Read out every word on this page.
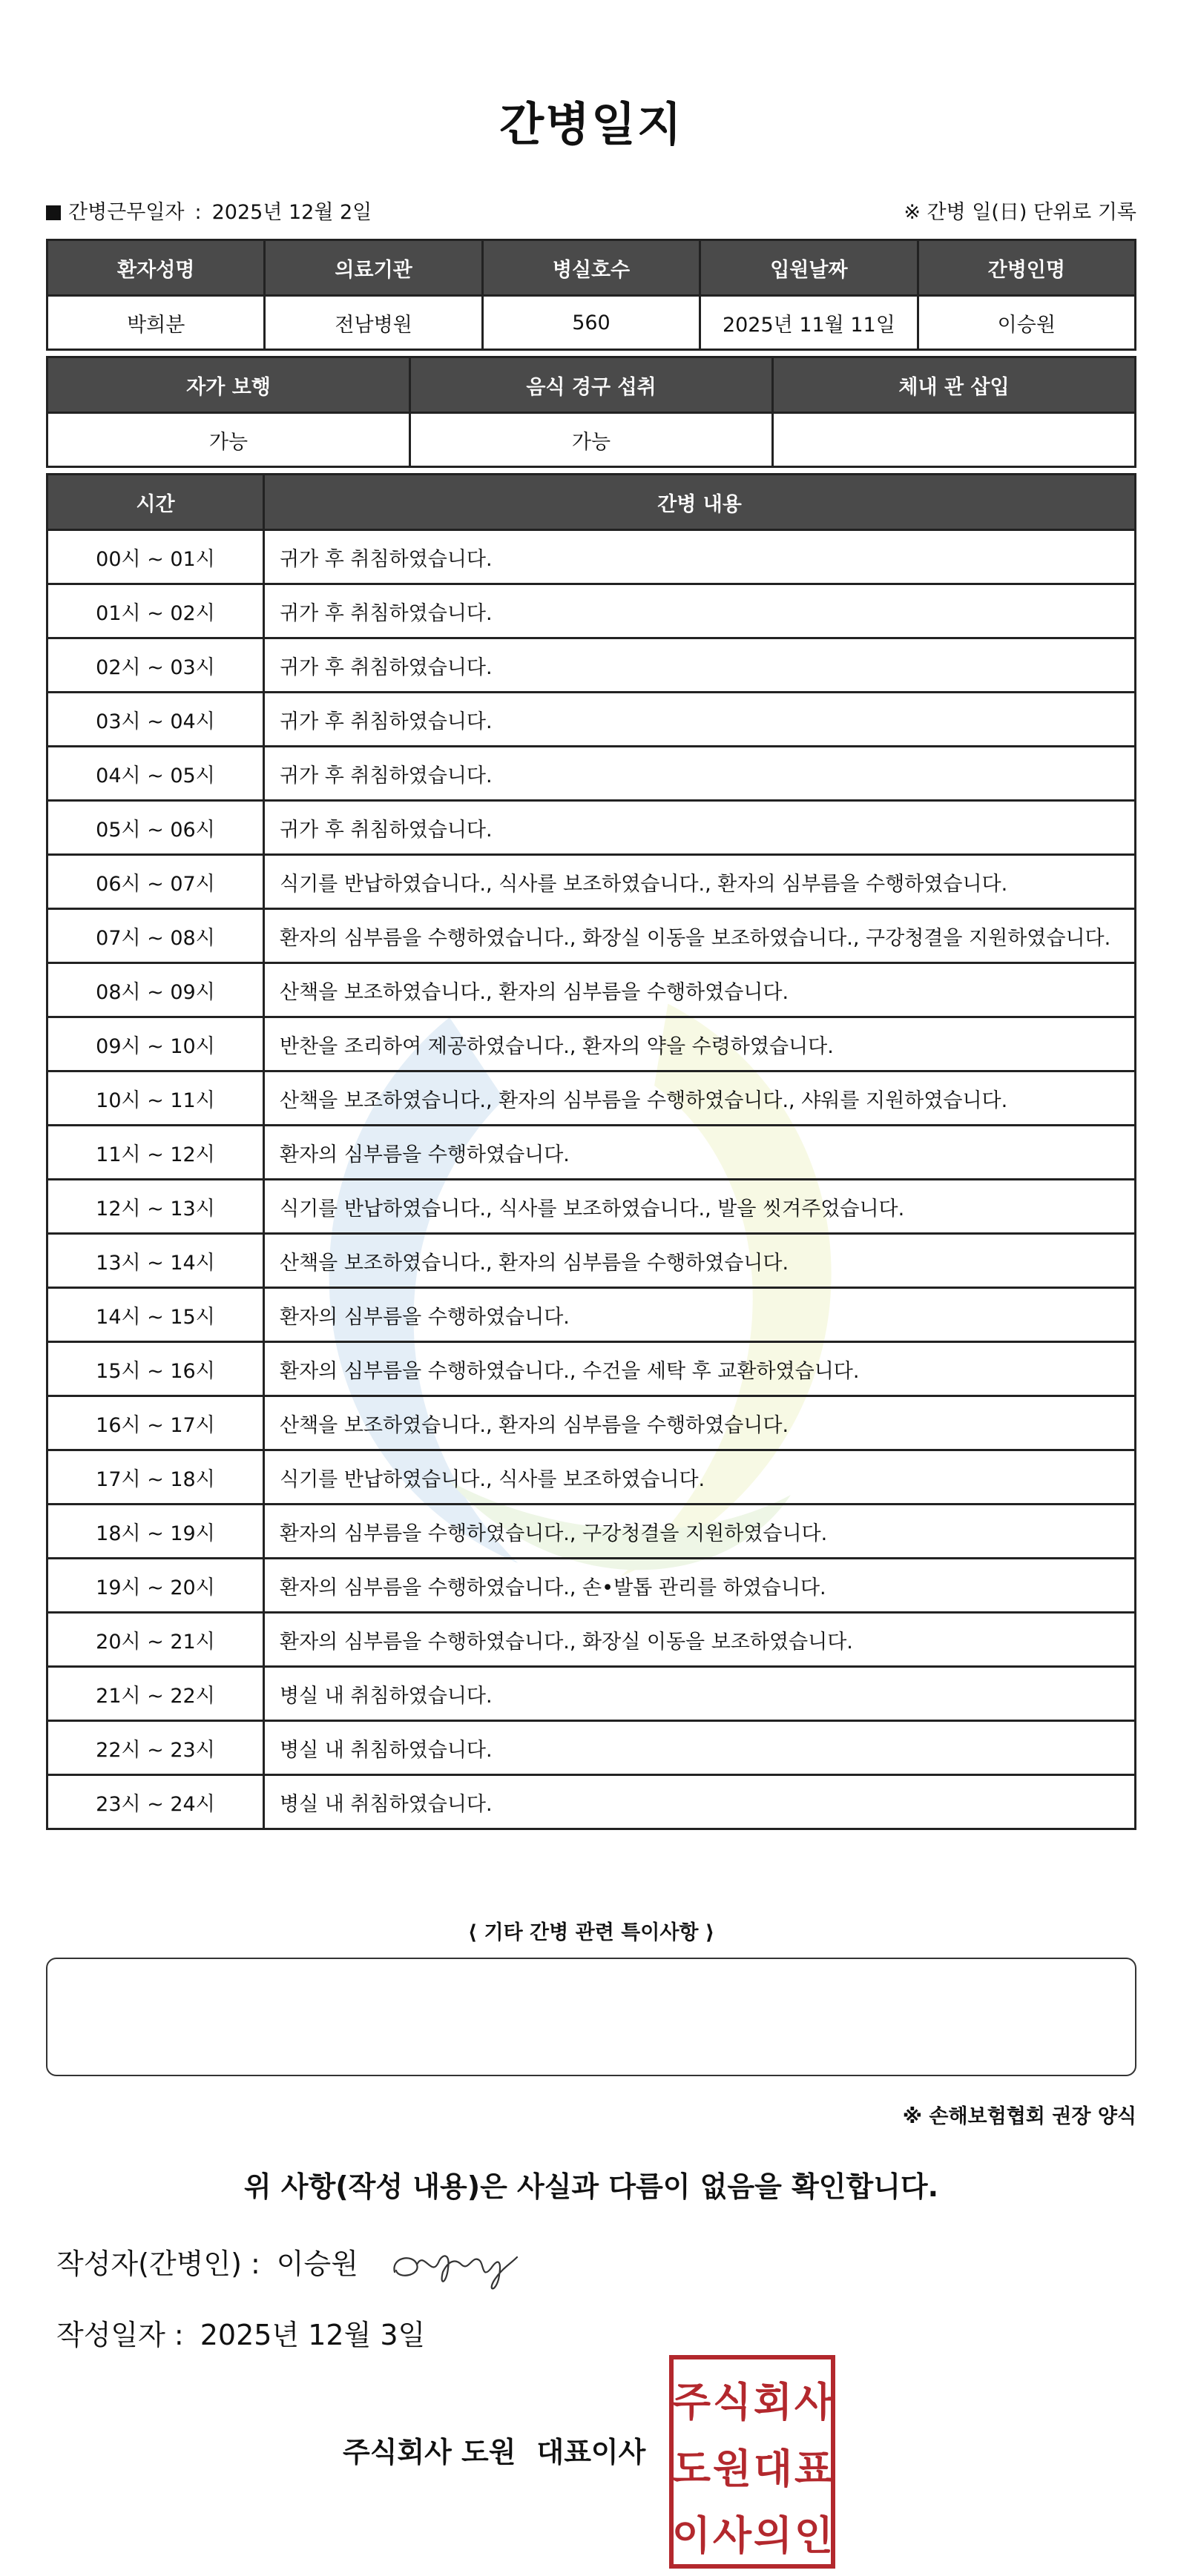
간병일지
간병근무일자 : 2025년 12월 2일	※ 간병 일(日) 단위로 기록
환자성명	의료기관	병실호수	입원날짜	간병인명
박희분	전남병원	560	2025년 11월 11일	이승원
자가 보행	음식 경구 섭취	체내 관 삽입
가능	가능	
시간	간병 내용
00시 ~ 01시	귀가 후 취침하였습니다.
01시 ~ 02시	귀가 후 취침하였습니다.
02시 ~ 03시	귀가 후 취침하였습니다.
03시 ~ 04시	귀가 후 취침하였습니다.
04시 ~ 05시	귀가 후 취침하였습니다.
05시 ~ 06시	귀가 후 취침하였습니다.
06시 ~ 07시	식기를 반납하였습니다., 식사를 보조하였습니다., 환자의 심부름을 수행하였습니다.
07시 ~ 08시	환자의 심부름을 수행하였습니다., 화장실 이동을 보조하였습니다., 구강청결을 지원하였습니다.
08시 ~ 09시	산책을 보조하였습니다., 환자의 심부름을 수행하였습니다.
09시 ~ 10시	반찬을 조리하여 제공하였습니다., 환자의 약을 수령하였습니다.
10시 ~ 11시	산책을 보조하였습니다., 환자의 심부름을 수행하였습니다., 샤워를 지원하였습니다.
11시 ~ 12시	환자의 심부름을 수행하였습니다.
12시 ~ 13시	식기를 반납하였습니다., 식사를 보조하였습니다., 발을 씻겨주었습니다.
13시 ~ 14시	산책을 보조하였습니다., 환자의 심부름을 수행하였습니다.
14시 ~ 15시	환자의 심부름을 수행하였습니다.
15시 ~ 16시	환자의 심부름을 수행하였습니다., 수건을 세탁 후 교환하였습니다.
16시 ~ 17시	산책을 보조하였습니다., 환자의 심부름을 수행하였습니다.
17시 ~ 18시	식기를 반납하였습니다., 식사를 보조하였습니다.
18시 ~ 19시	환자의 심부름을 수행하였습니다., 구강청결을 지원하였습니다.
19시 ~ 20시	환자의 심부름을 수행하였습니다., 손•발톱 관리를 하였습니다.
20시 ~ 21시	환자의 심부름을 수행하였습니다., 화장실 이동을 보조하였습니다.
21시 ~ 22시	병실 내 취침하였습니다.
22시 ~ 23시	병실 내 취침하였습니다.
23시 ~ 24시	병실 내 취침하였습니다.
⟨ 기타 간병 관련 특이사항 ⟩
※ 손해보험협회 권장 양식
위 사항(작성 내용)은 사실과 다름이 없음을 확인합니다.
작성자(간병인) : 이승원
작성일자 : 2025년 12월 3일
주식회사 도원 대표이사
주 식 회 사
도 원 대 표
이 사 의 인
